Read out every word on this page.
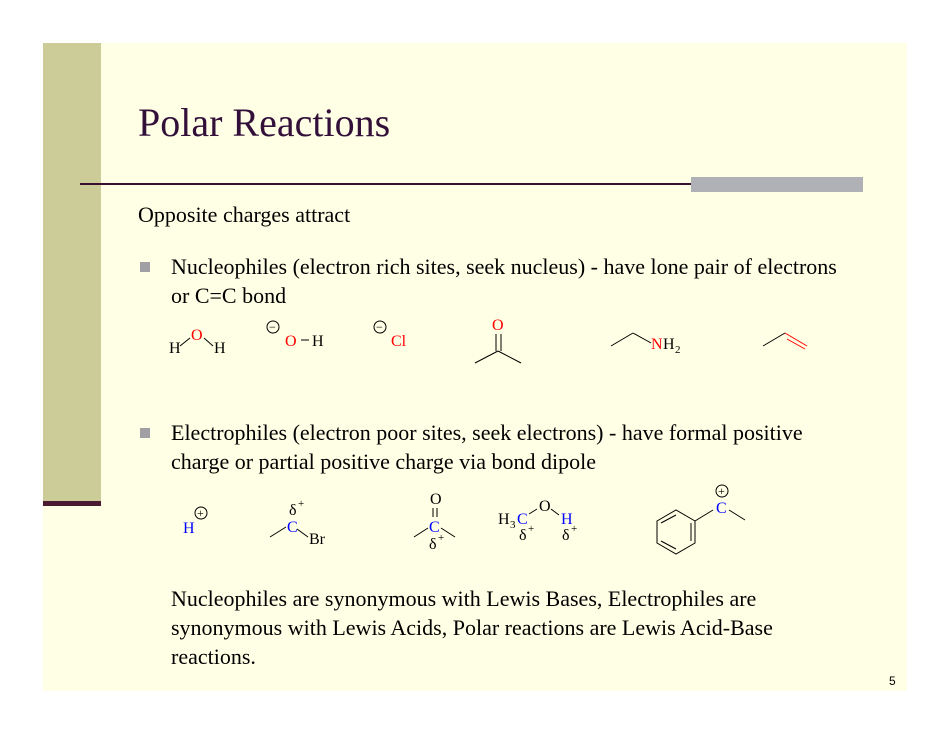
Polar Reactions
Opposite charges attract
Nucleophiles (electron rich sites, seek nucleus) - have lone pair of electrons or C=C bond
Electrophiles (electron poor sites, seek electrons) - have formal positive charge or partial positive charge via bond dipole
Nucleophiles are synonymous with Lewis Bases, Electrophiles are synonymous with Lewis Acids, Polar reactions are Lewis Acid-Base reactions.
H
O
H
−
O H
−
Cl
O
N H 2
H
+	δ +
C
Br
O
C
δ +
H 3 C
O
H
δ + δ +
C
+
5
